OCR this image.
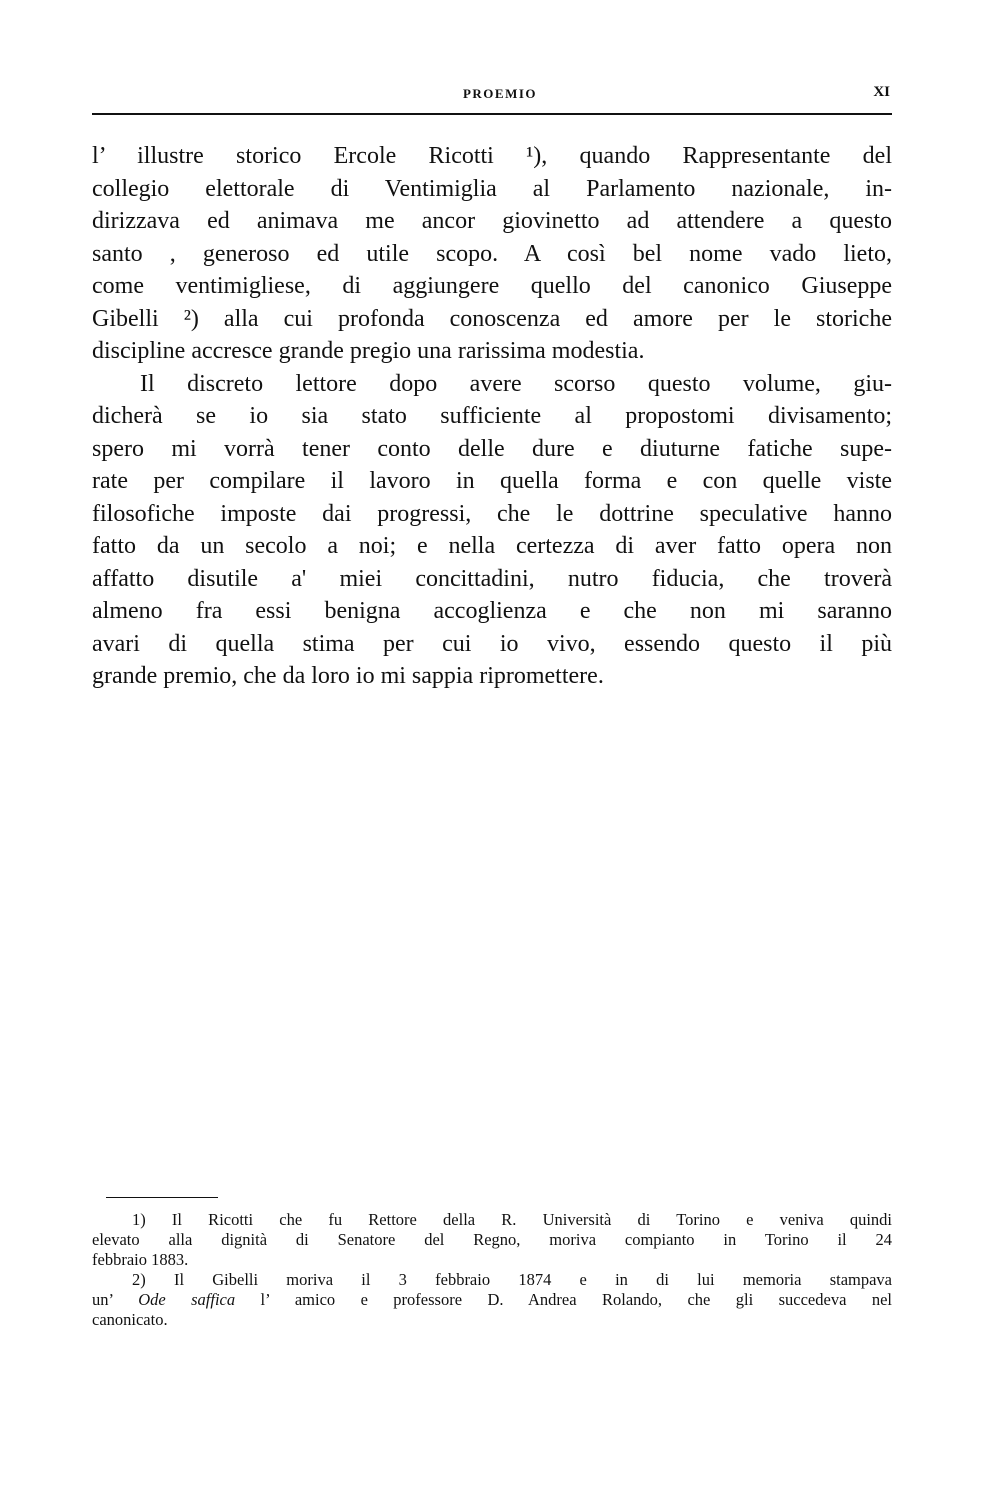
PROEMIO	XI
l’ illustre storico Ercole Ricotti ¹), quando Rappresentante del
collegio elettorale di Ventimiglia al Parlamento nazionale, in-
dirizzava ed animava me ancor giovinetto ad attendere a questo
santo , generoso ed utile scopo. A così bel nome vado lieto,
come ventimigliese, di aggiungere quello del canonico Giuseppe
Gibelli ²) alla cui profonda conoscenza ed amore per le storiche
discipline accresce grande pregio una rarissima modestia.
Il discreto lettore dopo avere scorso questo volume, giu-
dicherà se io sia stato sufficiente al propostomi divisamento;
spero mi vorrà tener conto delle dure e diuturne fatiche supe-
rate per compilare il lavoro in quella forma e con quelle viste
filosofiche imposte dai progressi, che le dottrine speculative hanno
fatto da un secolo a noi; e nella certezza di aver fatto opera non
affatto disutile a' miei concittadini, nutro fiducia, che troverà
almeno fra essi benigna accoglienza e che non mi saranno
avari di quella stima per cui io vivo, essendo questo il più
grande premio, che da loro io mi sappia ripromettere.
1) Il Ricotti che fu Rettore della R. Università di Torino e veniva quindi
elevato alla dignità di Senatore del Regno, moriva compianto in Torino il 24
febbraio 1883.
2) Il Gibelli moriva il 3 febbraio 1874 e in di lui memoria stampava
un’ Ode saffica l’ amico e professore D. Andrea Rolando, che gli succedeva nel
canonicato.
